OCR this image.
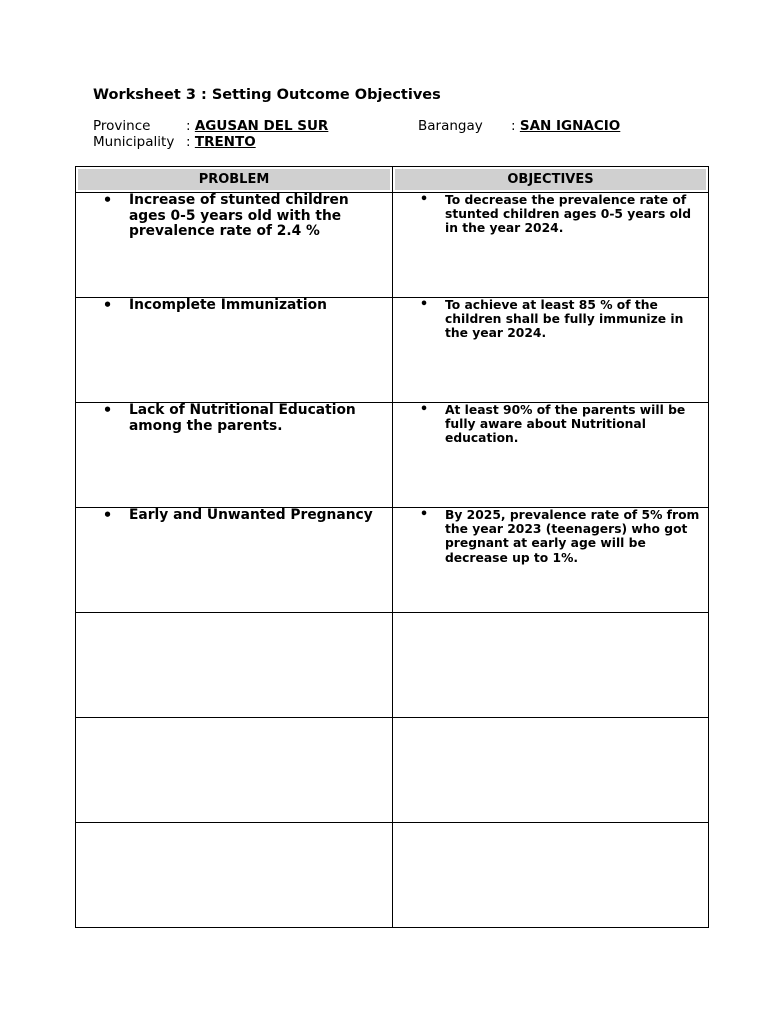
Worksheet 3 : Setting Outcome Objectives
Province	: AGUSAN DEL SUR
Municipality : TRENTO
Barangay : SAN IGNACIO
PROBLEM	OBJECTIVES

• Increase of stunted children ages 0-5 years old with the prevalence rate of 2.4 %	• To decrease the prevalence rate of stunted children ages 0-5 years old in the year 2024.

• Incomplete Immunization	• To achieve at least 85 % of the children shall be fully immunize in the year 2024.

• Lack of Nutritional Education among the parents.	• At least 90% of the parents will be fully aware about Nutritional education.

• Early and Unwanted Pregnancy	• By 2025, prevalence rate of 5% from the year 2023 (teenagers) who got pregnant at early age will be decrease up to 1%.
